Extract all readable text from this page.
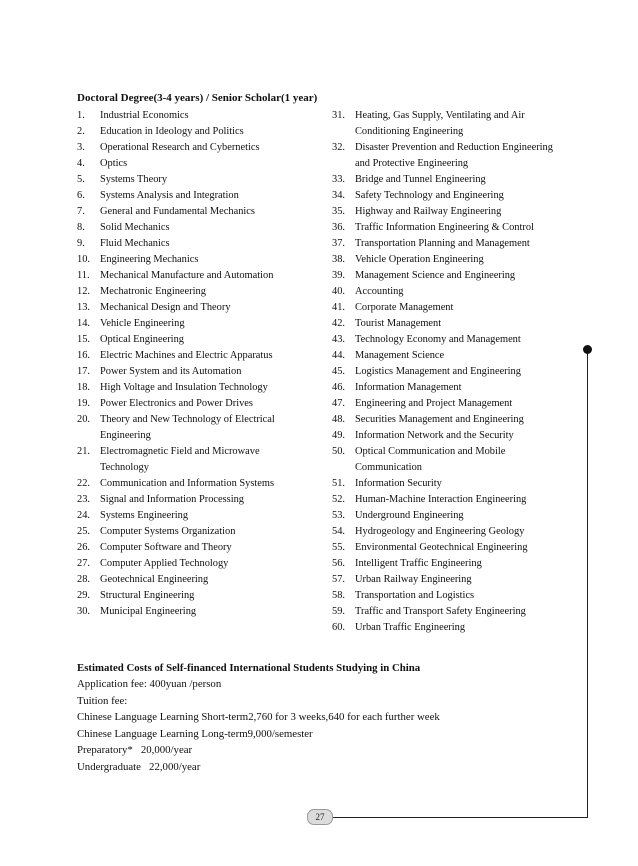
Doctoral Degree(3-4 years) / Senior Scholar(1 year)
1.	Industrial Economics
2.	Education in Ideology and Politics
3.	Operational Research and Cybernetics
4.	Optics
5.	Systems Theory
6.	Systems Analysis and Integration
7.	General and Fundamental Mechanics
8.	Solid Mechanics
9.	Fluid Mechanics
10. Engineering Mechanics
11. Mechanical Manufacture and Automation
12. Mechatronic Engineering
13. Mechanical Design and Theory
14. Vehicle Engineering
15. Optical Engineering
16. Electric Machines and Electric Apparatus
17. Power System and its Automation
18. High Voltage and Insulation Technology
19. Power Electronics and Power Drives
20. Theory and New Technology of Electrical
Engineering
21. Electromagnetic Field and Microwave
Technology
22. Communication and Information Systems
23. Signal and Information Processing
24. Systems Engineering
25. Computer Systems Organization
26. Computer Software and Theory
27. Computer Applied Technology
28. Geotechnical Engineering
29. Structural Engineering
30. Municipal Engineering
31. Heating, Gas Supply, Ventilating and Air
Conditioning Engineering
32. Disaster Prevention and Reduction Engineering
and Protective Engineering
33. Bridge and Tunnel Engineering
34. Safety Technology and Engineering
35. Highway and Railway Engineering
36. Traffic Information Engineering & Control
37. Transportation Planning and Management
38. Vehicle Operation Engineering
39. Management Science and Engineering
40. Accounting
41. Corporate Management
42. Tourist Management
43. Technology Economy and Management
44. Management Science
45. Logistics Management and Engineering
46. Information Management
47. Engineering and Project Management
48. Securities Management and Engineering
49. Information Network and the Security
50. Optical Communication and Mobile
Communication
51. Information Security
52. Human-Machine Interaction Engineering
53. Underground Engineering
54. Hydrogeology and Engineering Geology
55. Environmental Geotechnical Engineering
56. Intelligent Traffic Engineering
57. Urban Railway Engineering
58. Transportation and Logistics
59. Traffic and Transport Safety Engineering
60. Urban Traffic Engineering
Estimated Costs of Self-financed International Students Studying in China
Application fee: 400yuan /person
Tuition fee:
Chinese Language Learning Short-term2,760 for 3 weeks,640 for each further week
Chinese Language Learning Long-term9,000/semester
Preparatory*   20,000/year
Undergraduate   22,000/year
27
